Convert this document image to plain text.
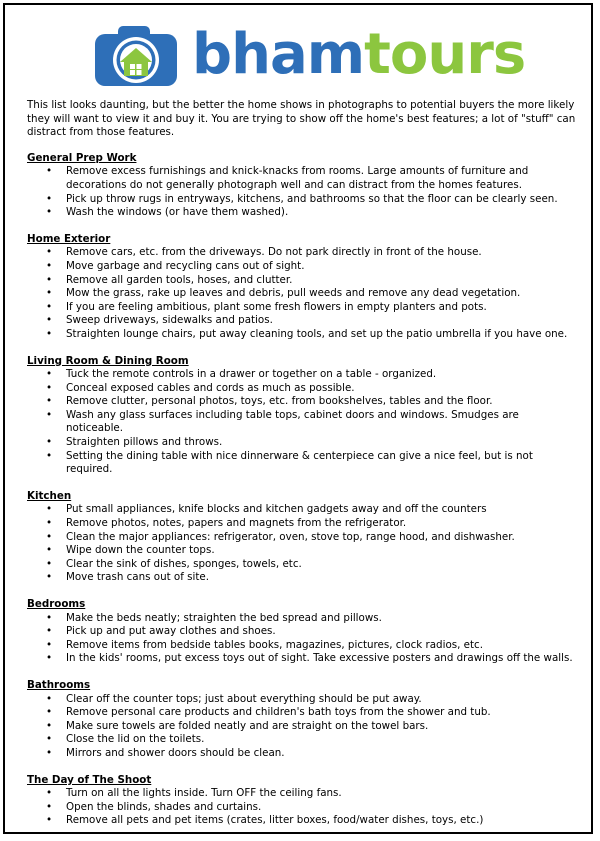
bhamtours

This list looks daunting, but the better the home shows in photographs to potential buyers the more likely they will want to view it and buy it. You are trying to show off the home's best features; a lot of "stuff" can distract from those features.

General Prep Work
• Remove excess furnishings and knick-knacks from rooms. Large amounts of furniture and decorations do not generally photograph well and can distract from the homes features.
• Pick up throw rugs in entryways, kitchens, and bathrooms so that the floor can be clearly seen.
• Wash the windows (or have them washed).
Home Exterior
• Remove cars, etc. from the driveways. Do not park directly in front of the house.
• Move garbage and recycling cans out of sight.
• Remove all garden tools, hoses, and clutter.
• Mow the grass, rake up leaves and debris, pull weeds and remove any dead vegetation.
• If you are feeling ambitious, plant some fresh flowers in empty planters and pots.
• Sweep driveways, sidewalks and patios.
• Straighten lounge chairs, put away cleaning tools, and set up the patio umbrella if you have one.
Living Room & Dining Room
• Tuck the remote controls in a drawer or together on a table - organized.
• Conceal exposed cables and cords as much as possible.
• Remove clutter, personal photos, toys, etc. from bookshelves, tables and the floor.
• Wash any glass surfaces including table tops, cabinet doors and windows. Smudges are noticeable.
• Straighten pillows and throws.
• Setting the dining table with nice dinnerware & centerpiece can give a nice feel, but is not required.
Kitchen
• Put small appliances, knife blocks and kitchen gadgets away and off the counters
• Remove photos, notes, papers and magnets from the refrigerator.
• Clean the major appliances: refrigerator, oven, stove top, range hood, and dishwasher.
• Wipe down the counter tops.
• Clear the sink of dishes, sponges, towels, etc.
• Move trash cans out of site.
Bedrooms
• Make the beds neatly; straighten the bed spread and pillows.
• Pick up and put away clothes and shoes.
• Remove items from bedside tables books, magazines, pictures, clock radios, etc.
• In the kids' rooms, put excess toys out of sight. Take excessive posters and drawings off the walls.
Bathrooms
• Clear off the counter tops; just about everything should be put away.
• Remove personal care products and children's bath toys from the shower and tub.
• Make sure towels are folded neatly and are straight on the towel bars.
• Close the lid on the toilets.
• Mirrors and shower doors should be clean.
The Day of The Shoot
• Turn on all the lights inside. Turn OFF the ceiling fans.
• Open the blinds, shades and curtains.
• Remove all pets and pet items (crates, litter boxes, food/water dishes, toys, etc.)
